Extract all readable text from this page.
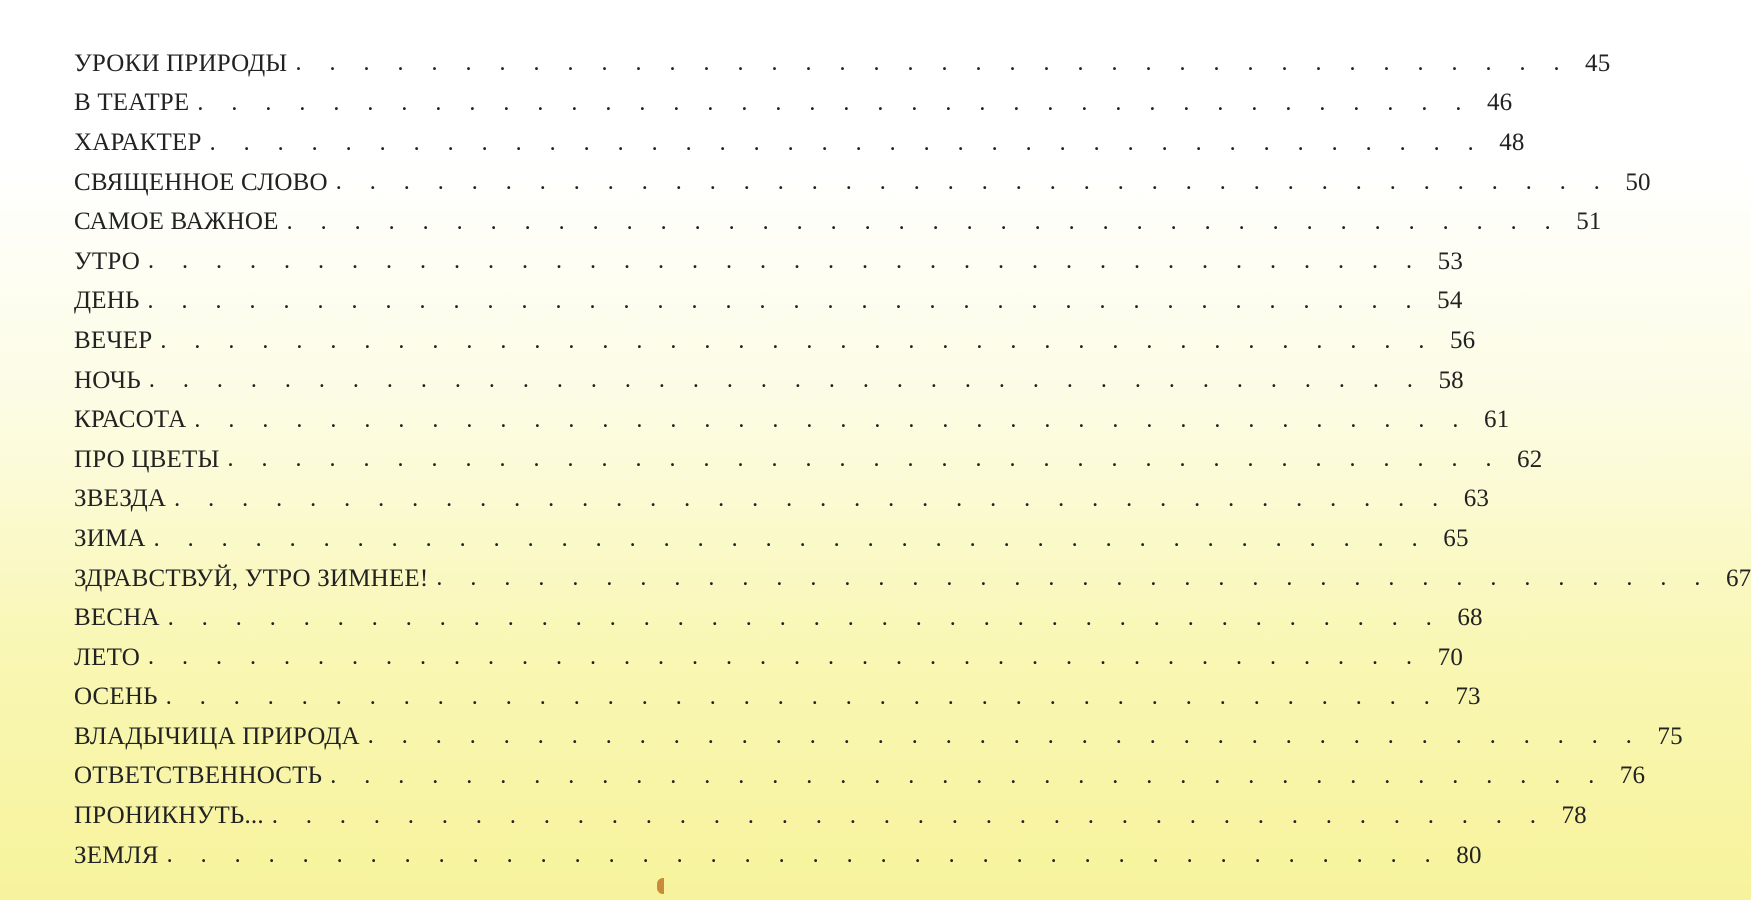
УРОКИ ПРИРОДЫ . . . . . . . . . . . . . . . . . . . . . . . . . . . . . . . . . . . . . . 45
В ТЕАТРЕ . . . . . . . . . . . . . . . . . . . . . . . . . . . . . . . . . . . . . . 46
ХАРАКТЕР . . . . . . . . . . . . . . . . . . . . . . . . . . . . . . . . . . . . . . 48
СВЯЩЕННОЕ СЛОВО . . . . . . . . . . . . . . . . . . . . . . . . . . . . . . . . . . . . . . 50
САМОЕ ВАЖНОЕ . . . . . . . . . . . . . . . . . . . . . . . . . . . . . . . . . . . . . . 51
УТРО . . . . . . . . . . . . . . . . . . . . . . . . . . . . . . . . . . . . . . 53
ДЕНЬ . . . . . . . . . . . . . . . . . . . . . . . . . . . . . . . . . . . . . . 54
ВЕЧЕР . . . . . . . . . . . . . . . . . . . . . . . . . . . . . . . . . . . . . . 56
НОЧЬ . . . . . . . . . . . . . . . . . . . . . . . . . . . . . . . . . . . . . . 58
КРАСОТА . . . . . . . . . . . . . . . . . . . . . . . . . . . . . . . . . . . . . . 61
ПРО ЦВЕТЫ . . . . . . . . . . . . . . . . . . . . . . . . . . . . . . . . . . . . . . 62
ЗВЕЗДА . . . . . . . . . . . . . . . . . . . . . . . . . . . . . . . . . . . . . . 63
ЗИМА . . . . . . . . . . . . . . . . . . . . . . . . . . . . . . . . . . . . . . 65
ЗДРАВСТВУЙ, УТРО ЗИМНЕЕ! . . . . . . . . . . . . . . . . . . . . . . . . . . . . . . . . . . . . . . 67
ВЕСНА . . . . . . . . . . . . . . . . . . . . . . . . . . . . . . . . . . . . . . 68
ЛЕТО . . . . . . . . . . . . . . . . . . . . . . . . . . . . . . . . . . . . . . 70
ОСЕНЬ . . . . . . . . . . . . . . . . . . . . . . . . . . . . . . . . . . . . . . 73
ВЛАДЫЧИЦА ПРИРОДА . . . . . . . . . . . . . . . . . . . . . . . . . . . . . . . . . . . . . . 75
ОТВЕТСТВЕННОСТЬ . . . . . . . . . . . . . . . . . . . . . . . . . . . . . . . . . . . . . . 76
ПРОНИКНУТЬ... . . . . . . . . . . . . . . . . . . . . . . . . . . . . . . . . . . . . . . 78
ЗЕМЛЯ . . . . . . . . . . . . . . . . . . . . . . . . . . . . . . . . . . . . . . 80
